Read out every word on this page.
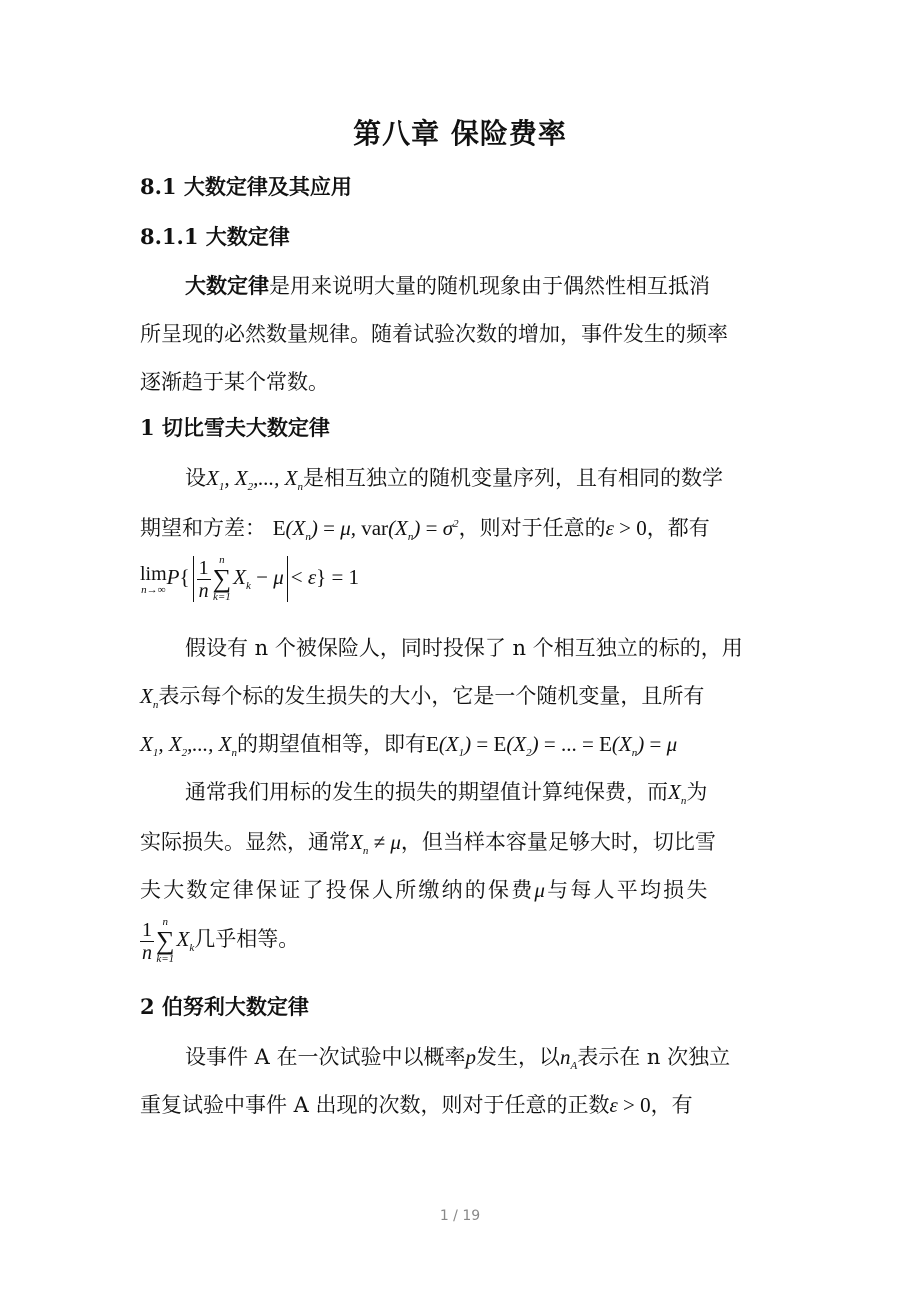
第八章 保险费率
8.1 大数定律及其应用
8.1.1 大数定律
大数定律是用来说明大量的随机现象由于偶然性相互抵消
所呈现的必然数量规律。随着试验次数的增加，事件发生的频率
逐渐趋于某个常数。
1 切比雪夫大数定律
设$X_1$, $X_2$,..., $X_n$是相互独立的随机变量序列，且有相同的数学
期望和方差： $E(X_n) = \mu$, $var(X_n) = \sigma^2$，则对于任意的ε > 0，都有
lim
n→∞
$P\{ \frac{1}{n}$ n
∑
k=1
$X_k - \mu < \varepsilon\} = 1$
假设有 n 个被保险人，同时投保了 n 个相互独立的标的，用
$X_n$表示每个标的发生损失的大小，它是一个随机变量，且所有
$X_1$, $X_2$,..., $X_n$的期望值相等，即有$E(X_1) = E(X_2)$ = ... = $E(X_n) = \mu$
通常我们用标的发生的损失的期望值计算纯保费，而$X_n$为
实际损失。显然，通常$X_n \ne \mu$，但当样本容量足够大时，切比雪
夫大数定律保证了投保人所缴纳的保费μ与每人平均损失
$\frac{1}{n}$ n
∑
k=1
$X_k$几乎相等。
2 伯努利大数定律
设事件 A 在一次试验中以概率p发生，以$n_A$表示在 n 次独立
重复试验中事件 A 出现的次数，则对于任意的正数ε > 0，有
1 / 19
